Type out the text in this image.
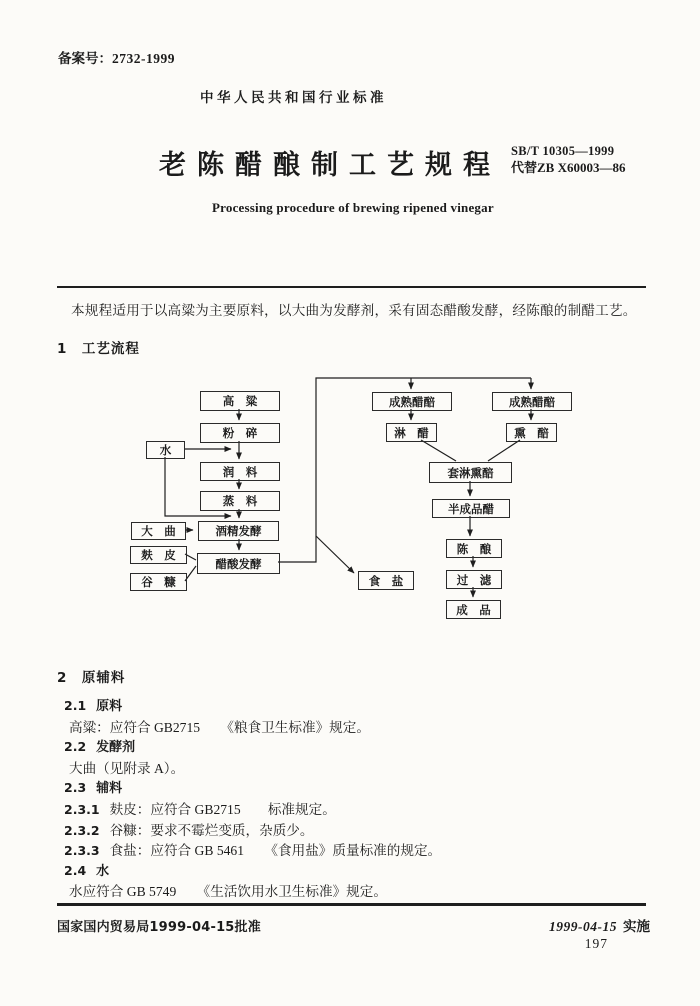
备案号：2732-1999
中华人民共和国行业标准
老陈醋酿制工艺规程 SB/T 10305—1999
代替ZB X60003—86
Processing procedure of brewing ripened vinegar
本规程适用于以高粱为主要原料，以大曲为发酵剂，采有固态醋酸发酵，经陈酿的制醋工艺。
1　工艺流程
高　粱
粉　碎
水
润　料
蒸　料
大　曲	酒精发酵
麸　皮
醋酸发酵
谷　糠	食　盐
成熟醋醅	成熟醋醅
淋　醋	熏　醅
套淋熏醅
半成品醋
陈　酿
过　滤
成　品
2　原辅料
2.1 原料
高粱：应符合 GB2715　　《粮食卫生标准》规定。
2.2 发酵剂
大曲（见附录 A）。
2.3 辅料
2.3.1 麸皮：应符合 GB2715　　标准规定。
2.3.2 谷糠：要求不霉烂变质，杂质少。
2.3.3 食盐：应符合 GB 5461　　《食用盐》质量标准的规定。
2.4 水
水应符合 GB 5749　　《生活饮用水卫生标准》规定。
国家国内贸易局1999-04-15批准	1999-04-15 实施
197
